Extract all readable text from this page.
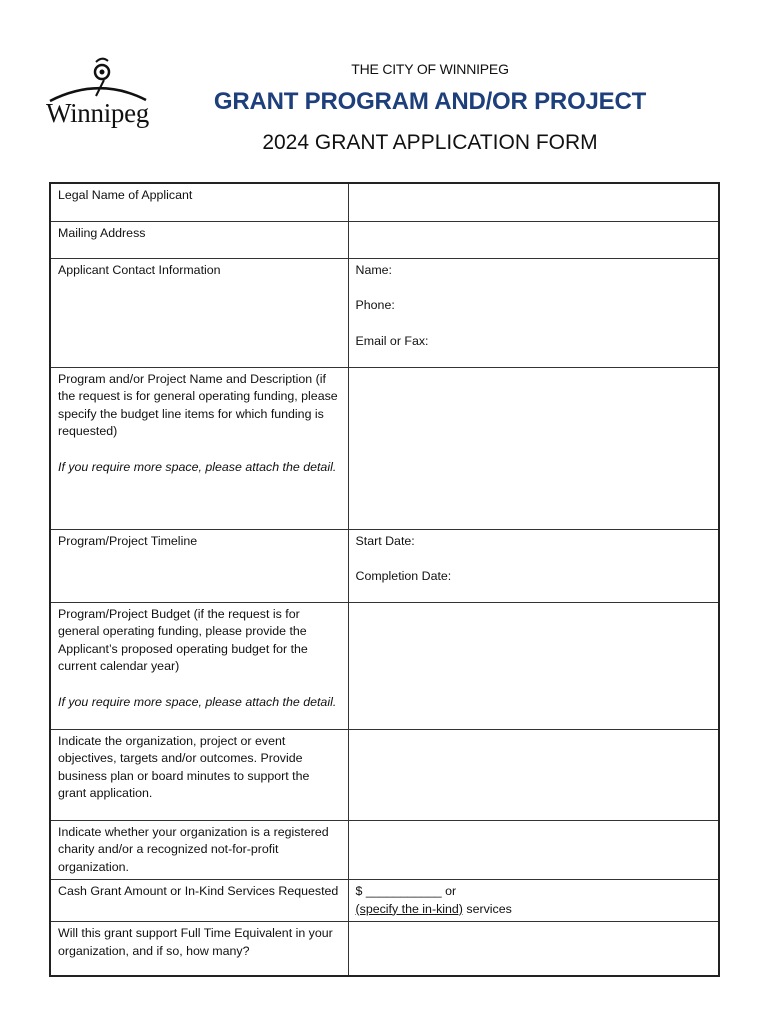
Winnipeg
THE CITY OF WINNIPEG
GRANT PROGRAM AND/OR PROJECT
2024 GRANT APPLICATION FORM
Legal Name of Applicant	
Mailing Address	
Applicant Contact Information	Name:
Phone:
Email or Fax:

Program and/or Project Name and Description (if the request is for general operating funding, please specify the budget line items for which funding is requested)
If you require more space, please attach the detail.	

Program/Project Timeline	Start Date:
Completion Date:

Program/Project Budget (if the request is for general operating funding, please provide the Applicant’s proposed operating budget for the current calendar year)
If you require more space, please attach the detail.	

Indicate the organization, project or event objectives, targets and/or outcomes. Provide business plan or board minutes to support the grant application.	
Indicate whether your organization is a registered charity and/or a recognized not-for-profit organization.	
Cash Grant Amount or In-Kind Services Requested	$ ___________ or
(specify the in-kind) services
Will this grant support Full Time Equivalent in your organization, and if so, how many?	
